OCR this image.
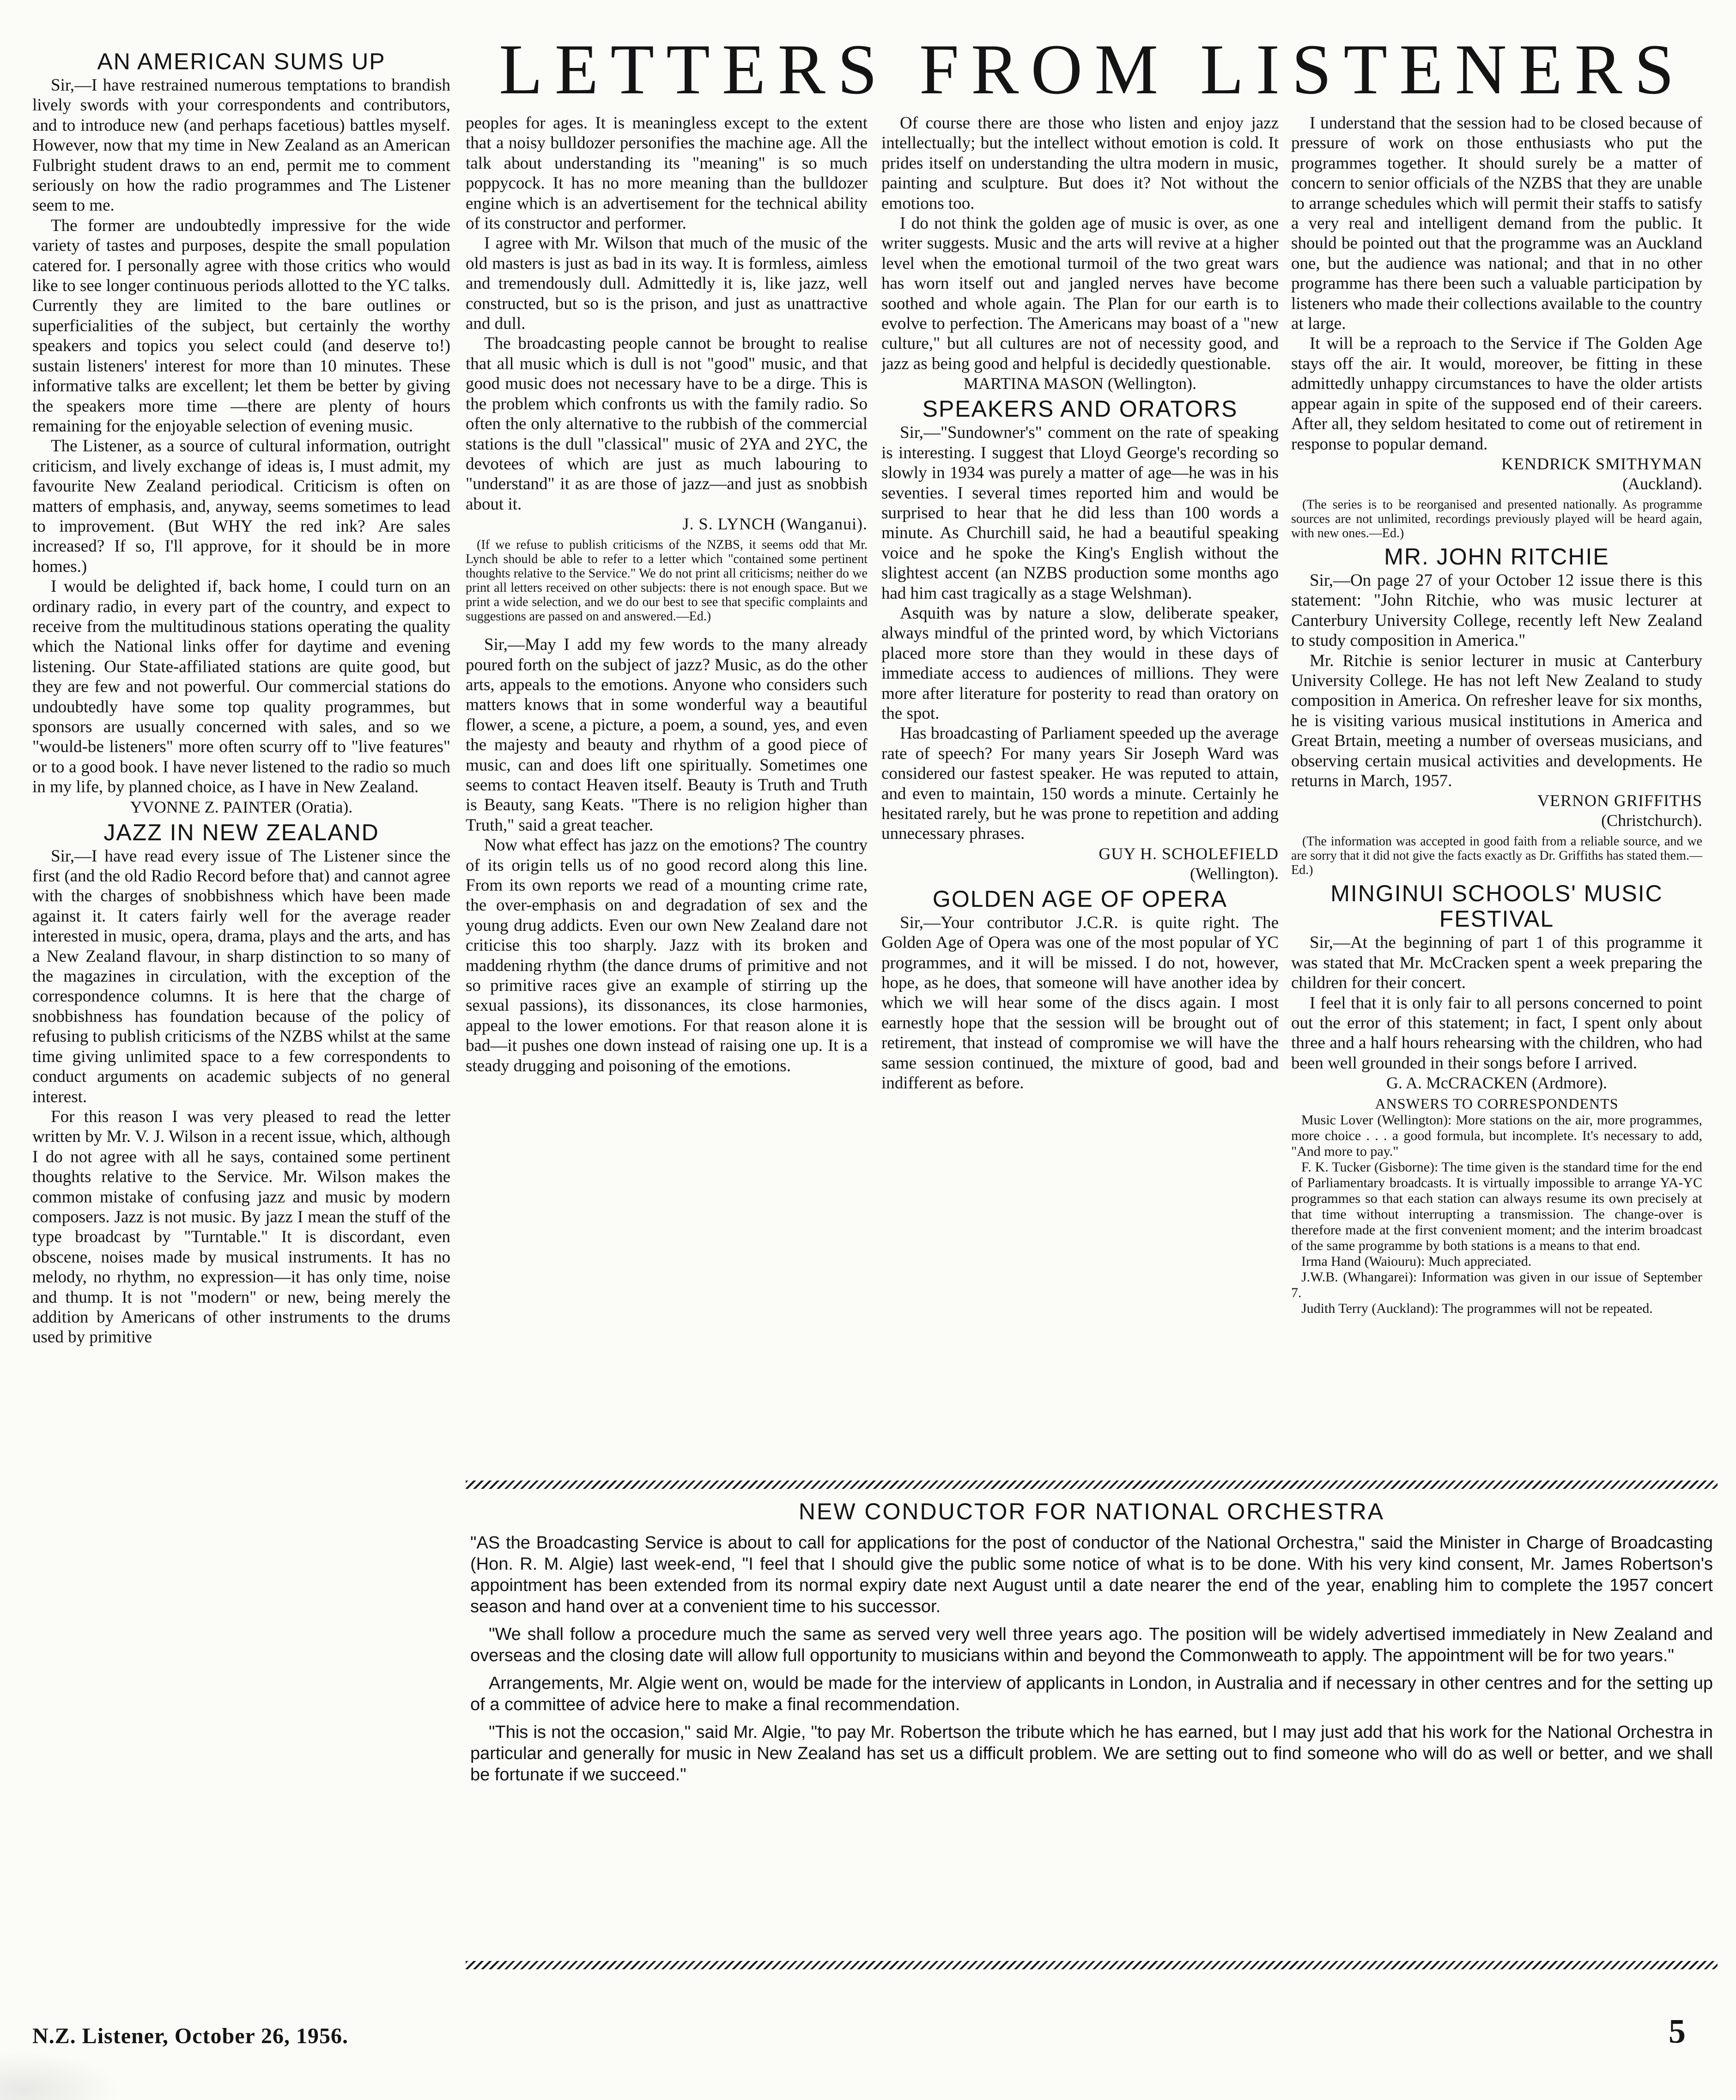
LETTERS FROM LISTENERS
AN AMERICAN SUMS UP

Sir,—I have restrained numerous temptations to brandish lively swords with your correspondents and contributors, and to introduce new (and perhaps facetious) battles myself. However, now that my time in New Zealand as an American Fulbright student draws to an end, permit me to comment seriously on how the radio programmes and The Listener seem to me.

The former are undoubtedly impressive for the wide variety of tastes and purposes, despite the small population catered for. I personally agree with those critics who would like to see longer continuous periods allotted to the YC talks. Currently they are limited to the bare outlines or superficialities of the subject, but certainly the worthy speakers and topics you select could (and deserve to!) sustain listeners' interest for more than 10 minutes. These informative talks are excellent; let them be better by giving the speakers more time —there are plenty of hours remaining for the enjoyable selection of evening music.

The Listener, as a source of cultural information, outright criticism, and lively exchange of ideas is, I must admit, my favourite New Zealand periodical. Criticism is often on matters of emphasis, and, anyway, seems sometimes to lead to improvement. (But WHY the red ink? Are sales increased? If so, I'll approve, for it should be in more homes.)

I would be delighted if, back home, I could turn on an ordinary radio, in every part of the country, and expect to receive from the multitudinous stations operating the quality which the National links offer for daytime and evening listening. Our State-affiliated stations are quite good, but they are few and not powerful. Our commercial stations do undoubtedly have some top quality programmes, but sponsors are usually concerned with sales, and so we "would-be listeners" more often scurry off to "live features" or to a good book. I have never listened to the radio so much in my life, by planned choice, as I have in New Zealand.

YVONNE Z. PAINTER (Oratia).
JAZZ IN NEW ZEALAND

Sir,—I have read every issue of The Listener since the first (and the old Radio Record before that) and cannot agree with the charges of snobbishness which have been made against it. It caters fairly well for the average reader interested in music, opera, drama, plays and the arts, and has a New Zealand flavour, in sharp distinction to so many of the magazines in circulation, with the exception of the correspondence columns. It is here that the charge of snobbishness has foundation because of the policy of refusing to publish criticisms of the NZBS whilst at the same time giving unlimited space to a few correspondents to conduct arguments on academic subjects of no general interest.

For this reason I was very pleased to read the letter written by Mr. V. J. Wilson in a recent issue, which, although I do not agree with all he says, contained some pertinent thoughts relative to the Service. Mr. Wilson makes the common mistake of confusing jazz and music by modern composers. Jazz is not music. By jazz I mean the stuff of the type broadcast by "Turntable." It is discordant, even obscene, noises made by musical instruments. It has no melody, no rhythm, no expression—it has only time, noise and thump. It is not "modern" or new, being merely the addition by Americans of other instruments to the drums used by primitive

peoples for ages. It is meaningless except to the extent that a noisy bulldozer personifies the machine age. All the talk about understanding its "meaning" is so much poppycock. It has no more meaning than the bulldozer engine which is an advertisement for the technical ability of its constructor and performer.

I agree with Mr. Wilson that much of the music of the old masters is just as bad in its way. It is formless, aimless and tremendously dull. Admittedly it is, like jazz, well constructed, but so is the prison, and just as unattractive and dull.

The broadcasting people cannot be brought to realise that all music which is dull is not "good" music, and that good music does not necessary have to be a dirge. This is the problem which confronts us with the family radio. So often the only alternative to the rubbish of the commercial stations is the dull "classical" music of 2YA and 2YC, the devotees of which are just as much labouring to "understand" it as are those of jazz—and just as snobbish about it.

J. S. LYNCH (Wanganui).
(If we refuse to publish criticisms of the NZBS, it seems odd that Mr. Lynch should be able to refer to a letter which "contained some pertinent thoughts relative to the Service." We do not print all criticisms; neither do we print all letters received on other subjects: there is not enough space. But we print a wide selection, and we do our best to see that specific complaints and suggestions are passed on and answered.—Ed.)

Sir,—May I add my few words to the many already poured forth on the subject of jazz? Music, as do the other arts, appeals to the emotions. Anyone who considers such matters knows that in some wonderful way a beautiful flower, a scene, a picture, a poem, a sound, yes, and even the majesty and beauty and rhythm of a good piece of music, can and does lift one spiritually. Sometimes one seems to contact Heaven itself. Beauty is Truth and Truth is Beauty, sang Keats. "There is no religion higher than Truth," said a great teacher.

Now what effect has jazz on the emotions? The country of its origin tells us of no good record along this line. From its own reports we read of a mounting crime rate, the over-emphasis on and degradation of sex and the young drug addicts. Even our own New Zealand dare not criticise this too sharply. Jazz with its broken and maddening rhythm (the dance drums of primitive and not so primitive races give an example of stirring up the sexual passions), its dissonances, its close harmonies, appeal to the lower emotions. For that reason alone it is bad—it pushes one down instead of raising one up. It is a steady drugging and poisoning of the emotions.

Of course there are those who listen and enjoy jazz intellectually; but the intellect without emotion is cold. It prides itself on understanding the ultra modern in music, painting and sculpture. But does it? Not without the emotions too.

I do not think the golden age of music is over, as one writer suggests. Music and the arts will revive at a higher level when the emotional turmoil of the two great wars has worn itself out and jangled nerves have become soothed and whole again. The Plan for our earth is to evolve to perfection. The Americans may boast of a "new culture," but all cultures are not of necessity good, and jazz as being good and helpful is decidedly questionable.

MARTINA MASON (Wellington).
SPEAKERS AND ORATORS

Sir,—"Sundowner's" comment on the rate of speaking is interesting. I suggest that Lloyd George's recording so slowly in 1934 was purely a matter of age—he was in his seventies. I several times reported him and would be surprised to hear that he did less than 100 words a minute. As Churchill said, he had a beautiful speaking voice and he spoke the King's English without the slightest accent (an NZBS production some months ago had him cast tragically as a stage Welshman).

Asquith was by nature a slow, deliberate speaker, always mindful of the printed word, by which Victorians placed more store than they would in these days of immediate access to audiences of millions. They were more after literature for posterity to read than oratory on the spot.

Has broadcasting of Parliament speeded up the average rate of speech? For many years Sir Joseph Ward was considered our fastest speaker. He was reputed to attain, and even to maintain, 150 words a minute. Certainly he hesitated rarely, but he was prone to repetition and adding unnecessary phrases.

GUY H. SCHOLEFIELD
(Wellington).
GOLDEN AGE OF OPERA

Sir,—Your contributor J.C.R. is quite right. The Golden Age of Opera was one of the most popular of YC programmes, and it will be missed. I do not, however, hope, as he does, that someone will have another idea by which we will hear some of the discs again. I most earnestly hope that the session will be brought out of retirement, that instead of compromise we will have the same session continued, the mixture of good, bad and indifferent as before.

I understand that the session had to be closed because of pressure of work on those enthusiasts who put the programmes together. It should surely be a matter of concern to senior officials of the NZBS that they are unable to arrange schedules which will permit their staffs to satisfy a very real and intelligent demand from the public. It should be pointed out that the programme was an Auckland one, but the audience was national; and that in no other programme has there been such a valuable participation by listeners who made their collections available to the country at large.

It will be a reproach to the Service if The Golden Age stays off the air. It would, moreover, be fitting in these admittedly unhappy circumstances to have the older artists appear again in spite of the supposed end of their careers. After all, they seldom hesitated to come out of retirement in response to popular demand.

KENDRICK SMITHYMAN
(Auckland).
(The series is to be reorganised and presented nationally. As programme sources are not unlimited, recordings previously played will be heard again, with new ones.—Ed.)
MR. JOHN RITCHIE

Sir,—On page 27 of your October 12 issue there is this statement: "John Ritchie, who was music lecturer at Canterbury University College, recently left New Zealand to study composition in America."

Mr. Ritchie is senior lecturer in music at Canterbury University College. He has not left New Zealand to study composition in America. On refresher leave for six months, he is visiting various musical institutions in America and Great Brtain, meeting a number of overseas musicians, and observing certain musical activities and developments. He returns in March, 1957.

VERNON GRIFFITHS
(Christchurch).
(The information was accepted in good faith from a reliable source, and we are sorry that it did not give the facts exactly as Dr. Griffiths has stated them.—Ed.)
MINGINUI SCHOOLS' MUSIC FESTIVAL

Sir,—At the beginning of part 1 of this programme it was stated that Mr. McCracken spent a week preparing the children for their concert.

I feel that it is only fair to all persons concerned to point out the error of this statement; in fact, I spent only about three and a half hours rehearsing with the children, who had been well grounded in their songs before I arrived.

G. A. McCRACKEN (Ardmore).
ANSWERS TO CORRESPONDENTS

Music Lover (Wellington): More stations on the air, more programmes, more choice . . . a good formula, but incomplete. It's necessary to add, "And more to pay."

F. K. Tucker (Gisborne): The time given is the standard time for the end of Parliamentary broadcasts. It is virtually impossible to arrange YA-YC programmes so that each station can always resume its own precisely at that time without interrupting a transmission. The change-over is therefore made at the first convenient moment; and the interim broadcast of the same programme by both stations is a means to that end.

Irma Hand (Waiouru): Much appreciated.

J.W.B. (Whangarei): Information was given in our issue of September 7.

Judith Terry (Auckland): The programmes will not be repeated.

NEW CONDUCTOR FOR NATIONAL ORCHESTRA

"AS the Broadcasting Service is about to call for applications for the post of conductor of the National Orchestra," said the Minister in Charge of Broadcasting (Hon. R. M. Algie) last week-end, "I feel that I should give the public some notice of what is to be done. With his very kind consent, Mr. James Robertson's appointment has been extended from its normal expiry date next August until a date nearer the end of the year, enabling him to complete the 1957 concert season and hand over at a convenient time to his successor.

"We shall follow a procedure much the same as served very well three years ago. The position will be widely advertised immediately in New Zealand and overseas and the closing date will allow full opportunity to musicians within and beyond the Commonweath to apply. The appointment will be for two years."

Arrangements, Mr. Algie went on, would be made for the interview of applicants in London, in Australia and if necessary in other centres and for the setting up of a committee of advice here to make a final recommendation.

"This is not the occasion," said Mr. Algie, "to pay Mr. Robertson the tribute which he has earned, but I may just add that his work for the National Orchestra in particular and generally for music in New Zealand has set us a difficult problem. We are setting out to find someone who will do as well or better, and we shall be fortunate if we succeed."

N.Z. Listener, October 26, 1956.	5
